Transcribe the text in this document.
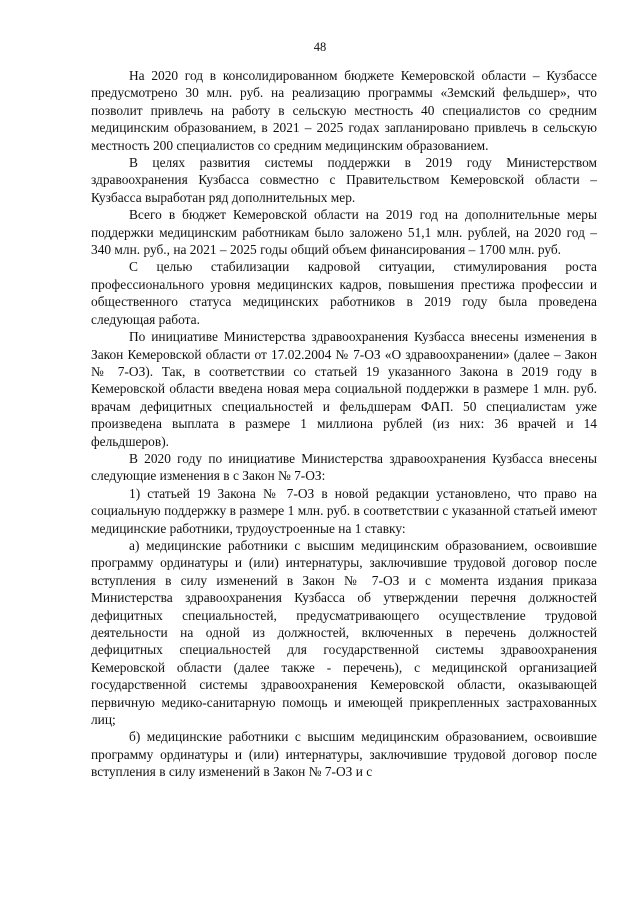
48

На 2020 год в консолидированном бюджете Кемеровской области – Кузбассе предусмотрено 30 млн. руб. на реализацию программы «Земский фельдшер», что позволит привлечь на работу в сельскую местность 40 специалистов со средним медицинским образованием, в 2021 – 2025 годах запланировано привлечь в сельскую местность 200 специалистов со средним медицинским образованием.

В целях развития системы поддержки в 2019 году Министерством здравоохранения Кузбасса совместно с Правительством Кемеровской области – Кузбасса выработан ряд дополнительных мер.

Всего в бюджет Кемеровской области на 2019 год на дополнительные меры поддержки медицинским работникам было заложено 51,1 млн. рублей, на 2020 год – 340 млн. руб., на 2021 – 2025 годы общий объем финансирования – 1700 млн. руб.

С целью стабилизации кадровой ситуации, стимулирования роста профессионального уровня медицинских кадров, повышения престижа профессии и общественного статуса медицинских работников в 2019 году была проведена следующая работа.

По инициативе Министерства здравоохранения Кузбасса внесены изменения в Закон Кемеровской области от 17.02.2004 № 7-ОЗ «О здравоохранении» (далее – Закон № 7-ОЗ). Так, в соответствии со статьей 19 указанного Закона в 2019 году в Кемеровской области введена новая мера социальной поддержки в размере 1 млн. руб. врачам дефицитных специальностей и фельдшерам ФАП. 50 специалистам уже произведена выплата в размере 1 миллиона рублей (из них: 36 врачей и 14 фельдшеров).

В 2020 году по инициативе Министерства здравоохранения Кузбасса внесены следующие изменения в с Закон № 7-ОЗ:

1) статьей 19 Закона № 7-ОЗ в новой редакции установлено, что право на социальную поддержку в размере 1 млн. руб. в соответствии с указанной статьей имеют медицинские работники, трудоустроенные на 1 ставку:

а) медицинские работники с высшим медицинским образованием, освоившие программу ординатуры и (или) интернатуры, заключившие трудовой договор после вступления в силу изменений в Закон № 7-ОЗ и с момента издания приказа Министерства здравоохранения Кузбасса об утверждении перечня должностей дефицитных специальностей, предусматривающего осуществление трудовой деятельности на одной из должностей, включенных в перечень должностей дефицитных специальностей для государственной системы здравоохранения Кемеровской области (далее также - перечень), с медицинской организацией государственной системы здравоохранения Кемеровской области, оказывающей первичную медико-санитарную помощь и имеющей прикрепленных застрахованных лиц;

б) медицинские работники с высшим медицинским образованием, освоившие программу ординатуры и (или) интернатуры, заключившие трудовой договор после вступления в силу изменений в Закон № 7-ОЗ и с
